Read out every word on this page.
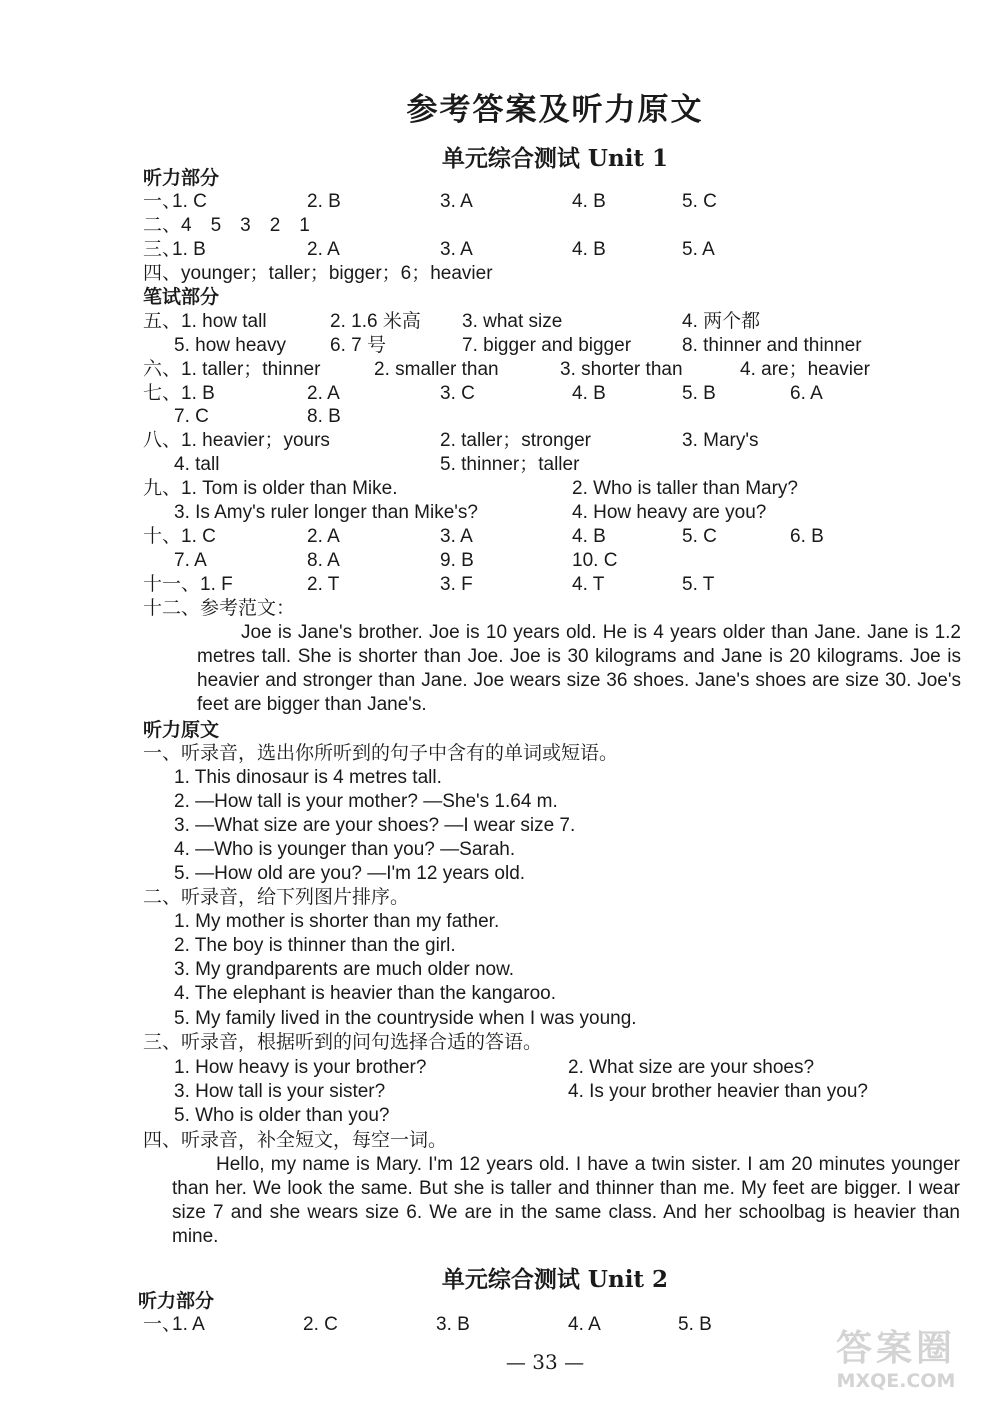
参考答案及听力原文
单元综合测试 Unit 1
听力部分
一、
1. C	2. B	3. A	4. B	5. C
二、4　5　3　2　1
三、
1. B	2. A	3. A	4. B	5. A
四、younger；taller；bigger；6；heavier
笔试部分
五、1. how tall	2. 1.6 米高 3. what size	4. 两个都
5. how heavy 6. 7 号	7. bigger and bigger	8. thinner and thinner
六、1. taller；thinner	2. smaller than	3. shorter than	4. are；heavier
七、1. B	2. A	3. C	4. B	5. B	6. A
7. C	8. B
八、1. heavier；yours	2. taller；stronger	3. Mary's
4. tall	5. thinner；taller
九、1. Tom is older than Mike.	2. Who is taller than Mary?
3. Is Amy's ruler longer than Mike's?	4. How heavy are you?
十、1. C	2. A	3. A	4. B	5. C	6. B
7. A	8. A	9. B	10. C
十一、1. F	2. T	3. F	4. T	5. T
十二、参考范文：
Joe is Jane's brother. Joe is 10 years old. He is 4 years older than Jane. Jane is 1.2 metres tall. She is shorter than Joe. Joe is 30 kilograms and Jane is 20 kilograms. Joe is heavier and stronger than Jane. Joe wears size 36 shoes. Jane's shoes are size 30. Joe's feet are bigger than Jane's.
听力原文
一、听录音，选出你所听到的句子中含有的单词或短语。
1. This dinosaur is 4 metres tall.
2. —How tall is your mother? —She's 1.64 m.
3. —What size are your shoes? —I wear size 7.
4. —Who is younger than you? —Sarah.
5. —How old are you? —I'm 12 years old.
二、听录音，给下列图片排序。
1. My mother is shorter than my father.
2. The boy is thinner than the girl.
3. My grandparents are much older now.
4. The elephant is heavier than the kangaroo.
5. My family lived in the countryside when I was young.
三、听录音，根据听到的问句选择合适的答语。
1. How heavy is your brother?	2. What size are your shoes?
3. How tall is your sister?	4. Is your brother heavier than you?
5. Who is older than you?
四、听录音，补全短文，每空一词。
Hello, my name is Mary. I'm 12 years old. I have a twin sister. I am 20 minutes younger than her. We look the same. But she is taller and thinner than me. My feet are bigger. I wear size 7 and she wears size 6. We are in the same class. And her schoolbag is heavier than mine.
单元综合测试 Unit 2
听力部分
一、
1. A	2. C	3. B	4. A	5. B
— 33 —	答案圈
MXQE.COM
